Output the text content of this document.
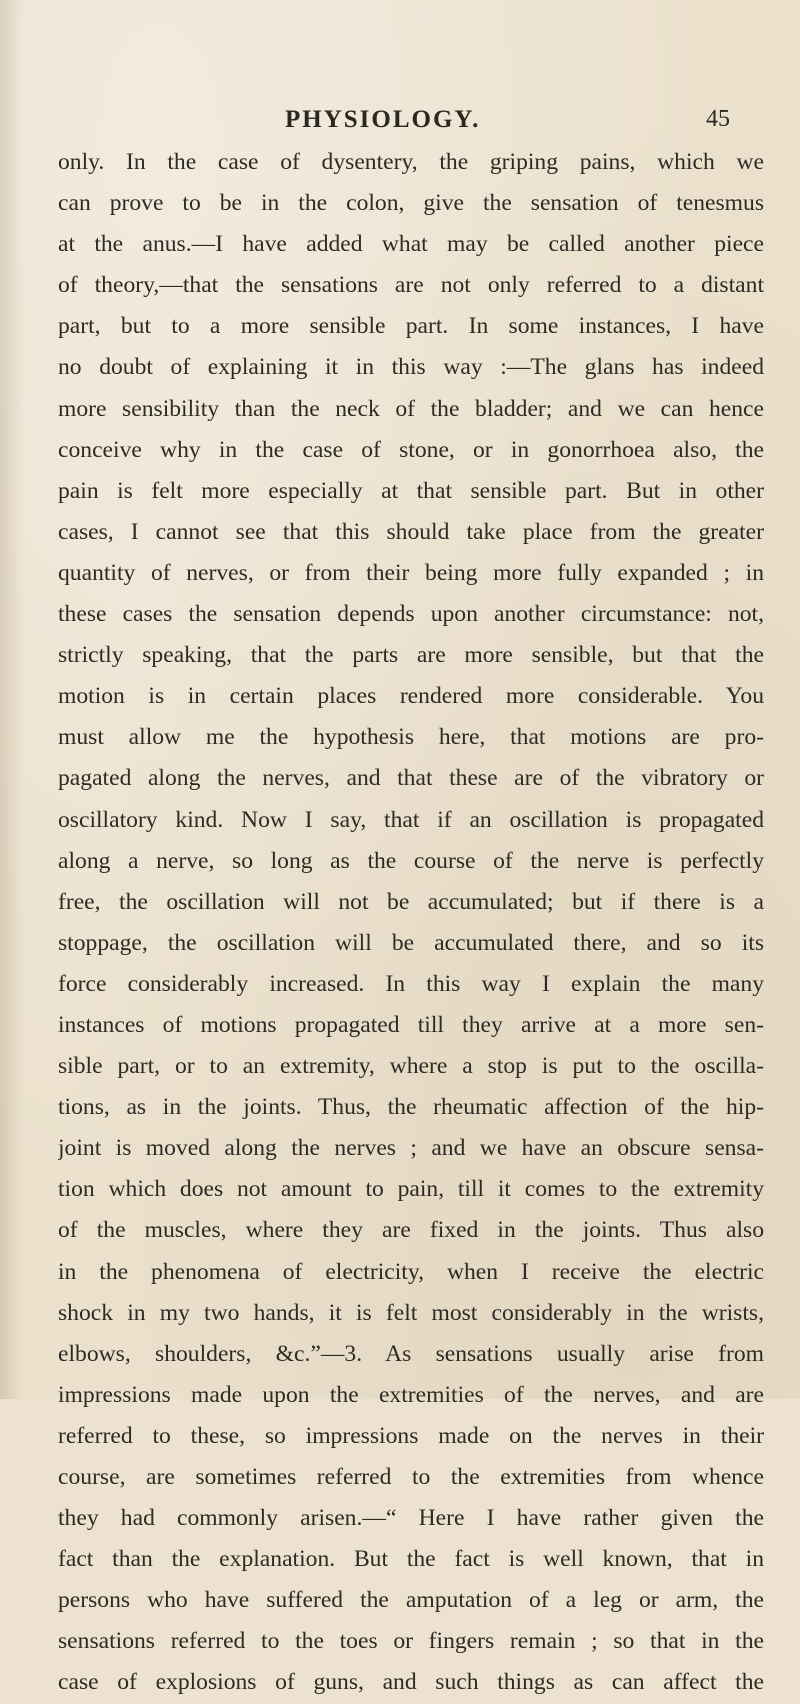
PHYSIOLOGY.	45
only. In the case of dysentery, the griping pains, which we
can prove to be in the colon, give the sensation of tenesmus
at the anus.—I have added what may be called another piece
of theory,—that the sensations are not only referred to a distant
part, but to a more sensible part. In some instances, I have
no doubt of explaining it in this way :—The glans has indeed
more sensibility than the neck of the bladder; and we can hence
conceive why in the case of stone, or in gonorrhoea also, the
pain is felt more especially at that sensible part. But in other
cases, I cannot see that this should take place from the greater
quantity of nerves, or from their being more fully expanded ; in
these cases the sensation depends upon another circumstance: not,
strictly speaking, that the parts are more sensible, but that the
motion is in certain places rendered more considerable. You
must allow me the hypothesis here, that motions are pro-
pagated along the nerves, and that these are of the vibratory or
oscillatory kind. Now I say, that if an oscillation is propagated
along a nerve, so long as the course of the nerve is perfectly
free, the oscillation will not be accumulated; but if there is a
stoppage, the oscillation will be accumulated there, and so its
force considerably increased. In this way I explain the many
instances of motions propagated till they arrive at a more sen-
sible part, or to an extremity, where a stop is put to the oscilla-
tions, as in the joints. Thus, the rheumatic affection of the hip-
joint is moved along the nerves ; and we have an obscure sensa-
tion which does not amount to pain, till it comes to the extremity
of the muscles, where they are fixed in the joints. Thus also
in the phenomena of electricity, when I receive the electric
shock in my two hands, it is felt most considerably in the wrists,
elbows, shoulders, &c.”—3. As sensations usually arise from
impressions made upon the extremities of the nerves, and are
referred to these, so impressions made on the nerves in their
course, are sometimes referred to the extremities from whence
they had commonly arisen.—“ Here I have rather given the
fact than the explanation. But the fact is well known, that in
persons who have suffered the amputation of a leg or arm, the
sensations referred to the toes or fingers remain ; so that in the
case of explosions of guns, and such things as can affect the
